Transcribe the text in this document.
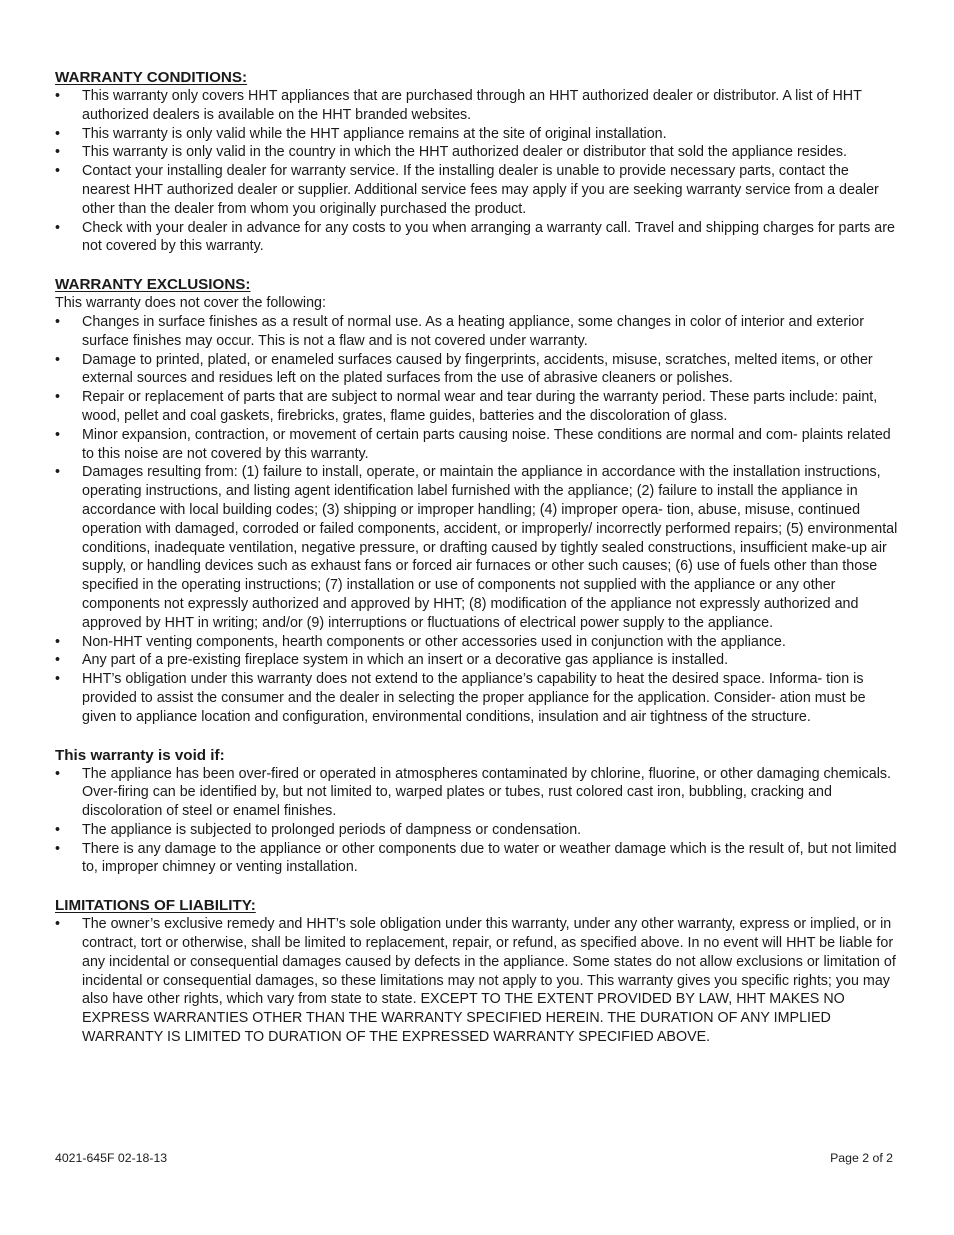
WARRANTY CONDITIONS:

• This warranty only covers HHT appliances that are purchased through an HHT authorized dealer or distributor. A list of HHT authorized dealers is available on the HHT branded websites.
• This warranty is only valid while the HHT appliance remains at the site of original installation.
• This warranty is only valid in the country in which the HHT authorized dealer or distributor that sold the appliance resides.
• Contact your installing dealer for warranty service. If the installing dealer is unable to provide necessary parts, contact the nearest HHT authorized dealer or supplier. Additional service fees may apply if you are seeking warranty service from a dealer other than the dealer from whom you originally purchased the product.
• Check with your dealer in advance for any costs to you when arranging a warranty call. Travel and shipping charges for parts are not covered by this warranty.

WARRANTY EXCLUSIONS:

This warranty does not cover the following:

• Changes in surface finishes as a result of normal use. As a heating appliance, some changes in color of interior and exterior surface finishes may occur. This is not a flaw and is not covered under warranty.
• Damage to printed, plated, or enameled surfaces caused by fingerprints, accidents, misuse, scratches, melted items, or other external sources and residues left on the plated surfaces from the use of abrasive cleaners or polishes.
• Repair or replacement of parts that are subject to normal wear and tear during the warranty period. These parts include: paint, wood, pellet and coal gaskets, firebricks, grates, flame guides, batteries and the discoloration of glass.
• Minor expansion, contraction, or movement of certain parts causing noise. These conditions are normal and com- plaints related to this noise are not covered by this warranty.
• Damages resulting from: (1) failure to install, operate, or maintain the appliance in accordance with the installation instructions, operating instructions, and listing agent identification label furnished with the appliance; (2) failure to install the appliance in accordance with local building codes; (3) shipping or improper handling; (4) improper opera- tion, abuse, misuse, continued operation with damaged, corroded or failed components, accident, or improperly/ incorrectly performed repairs; (5) environmental conditions, inadequate ventilation, negative pressure, or drafting caused by tightly sealed constructions, insufficient make-up air supply, or handling devices such as exhaust fans or forced air furnaces or other such causes; (6) use of fuels other than those specified in the operating instructions; (7) installation or use of components not supplied with the appliance or any other components not expressly authorized and approved by HHT; (8) modification of the appliance not expressly authorized and approved by HHT in writing; and/or (9) interruptions or fluctuations of electrical power supply to the appliance.
• Non-HHT venting components, hearth components or other accessories used in conjunction with the appliance.
• Any part of a pre-existing fireplace system in which an insert or a decorative gas appliance is installed.
• HHT’s obligation under this warranty does not extend to the appliance’s capability to heat the desired space. Informa- tion is provided to assist the consumer and the dealer in selecting the proper appliance for the application. Consider- ation must be given to appliance location and configuration, environmental conditions, insulation and air tightness of the structure.

This warranty is void if:

• The appliance has been over-fired or operated in atmospheres contaminated by chlorine, fluorine, or other damaging chemicals. Over-firing can be identified by, but not limited to, warped plates or tubes, rust colored cast iron, bubbling, cracking and discoloration of steel or enamel finishes.
• The appliance is subjected to prolonged periods of dampness or condensation.
• There is any damage to the appliance or other components due to water or weather damage which is the result of, but not limited to, improper chimney or venting installation.

LIMITATIONS OF LIABILITY:

• The owner’s exclusive remedy and HHT’s sole obligation under this warranty, under any other warranty, express or implied, or in contract, tort or otherwise, shall be limited to replacement, repair, or refund, as specified above. In no event will HHT be liable for any incidental or consequential damages caused by defects in the appliance. Some states do not allow exclusions or limitation of incidental or consequential damages, so these limitations may not apply to you. This warranty gives you specific rights; you may also have other rights, which vary from state to state. EXCEPT TO THE EXTENT PROVIDED BY LAW, HHT MAKES NO EXPRESS WARRANTIES OTHER THAN THE WARRANTY SPECIFIED HEREIN. THE DURATION OF ANY IMPLIED WARRANTY IS LIMITED TO DURATION OF THE EXPRESSED WARRANTY SPECIFIED ABOVE.
4021-645F 02-18-13	Page 2 of 2
